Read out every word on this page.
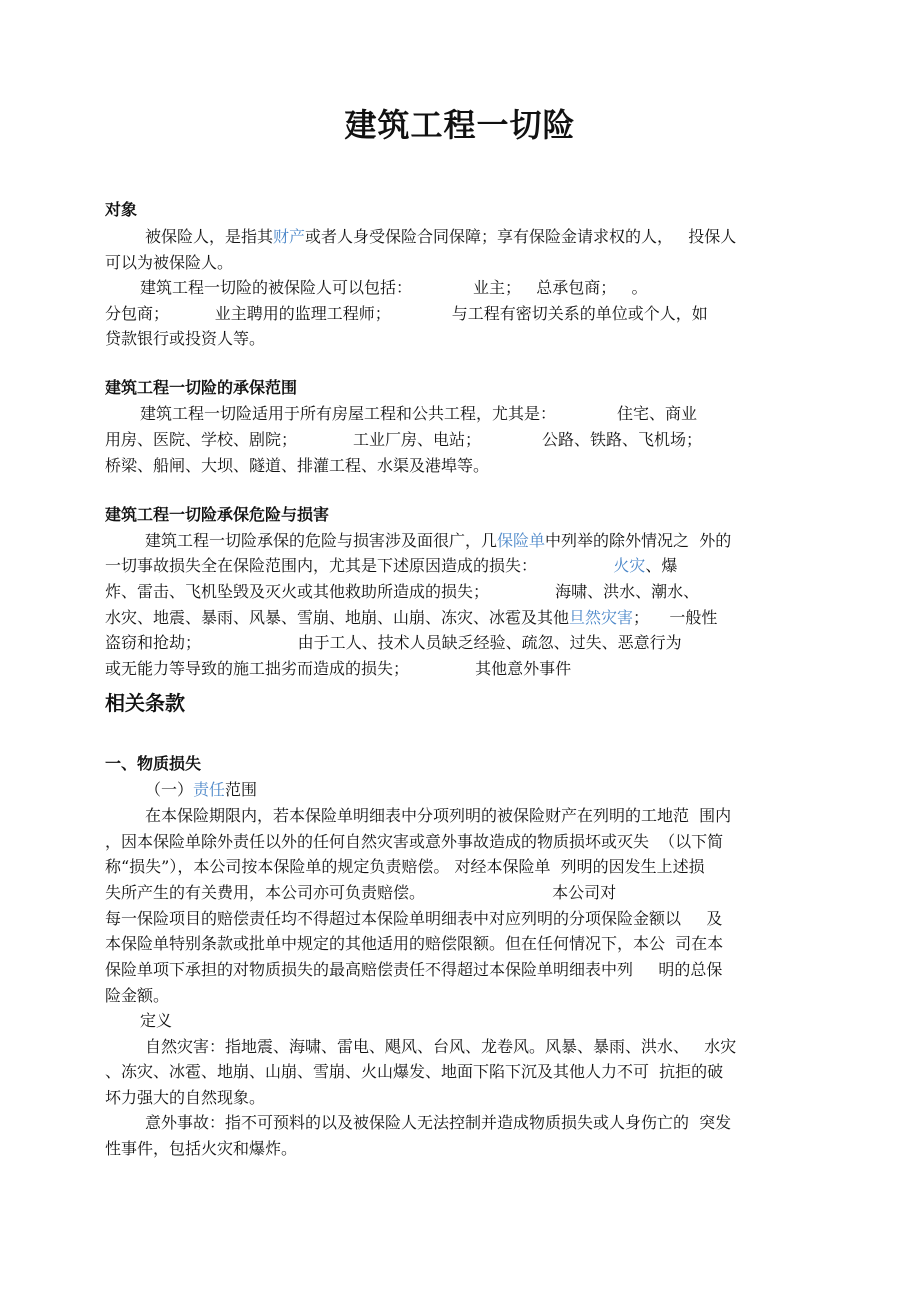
建筑工程一切险
对象
被保险人，是指其财产或者人身受保险合同保障；享有保险金请求权的人，   投保人
可以为被保险人。
建筑工程一切险的被保险人可以包括：            业主；   总承包商；   。
分包商；         业主聘用的监理工程师；            与工程有密切关系的单位或个人，如
贷款银行或投资人等。
建筑工程一切险的承保范围
建筑工程一切险适用于所有房屋工程和公共工程，尤其是：            住宅、商业
用房、医院、学校、剧院；           工业厂房、电站；            公路、铁路、飞机场；
桥梁、船闸、大坝、隧道、排灌工程、水渠及港埠等。
建筑工程一切险承保危险与损害
建筑工程一切险承保的危险与损害涉及面很广，几保险单中列举的除外情况之  外的
一切事故损失全在保险范围内，尤其是下述原因造成的损失：               火灾、爆
炸、雷击、飞机坠毁及灭火或其他救助所造成的损失；             海啸、洪水、潮水、
水灾、地震、暴雨、风暴、雪崩、地崩、山崩、冻灾、冰雹及其他旦然灾害；    一般性
盗窃和抢劫；                   由于工人、技术人员缺乏经验、疏忽、过失、恶意行为
或无能力等导致的施工拙劣而造成的损失；             其他意外事件
相关条款
一、物质损失
（一）责任范围
在本保险期限内，若本保险单明细表中分项列明的被保险财产在列明的工地范  围内
，因本保险单除外责任以外的任何自然灾害或意外事故造成的物质损坏或灭失  （以下简
称“损失”），本公司按本保险单的规定负责赔偿。 对经本保险单  列明的因发生上述损
失所产生的有关费用，本公司亦可负责赔偿。                         本公司对
每一保险项目的赔偿责任均不得超过本保险单明细表中对应列明的分项保险金额以     及
本保险单特别条款或批单中规定的其他适用的赔偿限额。但在任何情况下，本公  司在本
保险单项下承担的对物质损失的最高赔偿责任不得超过本保险单明细表中列     明的总保
险金额。
定义
自然灾害：指地震、海啸、雷电、飓风、台风、龙卷风。风暴、暴雨、洪水、   水灾
、冻灾、冰雹、地崩、山崩、雪崩、火山爆发、地面下陷下沉及其他人力不可  抗拒的破
坏力强大的自然现象。
意外事故：指不可预料的以及被保险人无法控制并造成物质损失或人身伤亡的  突发
性事件，包括火灾和爆炸。
